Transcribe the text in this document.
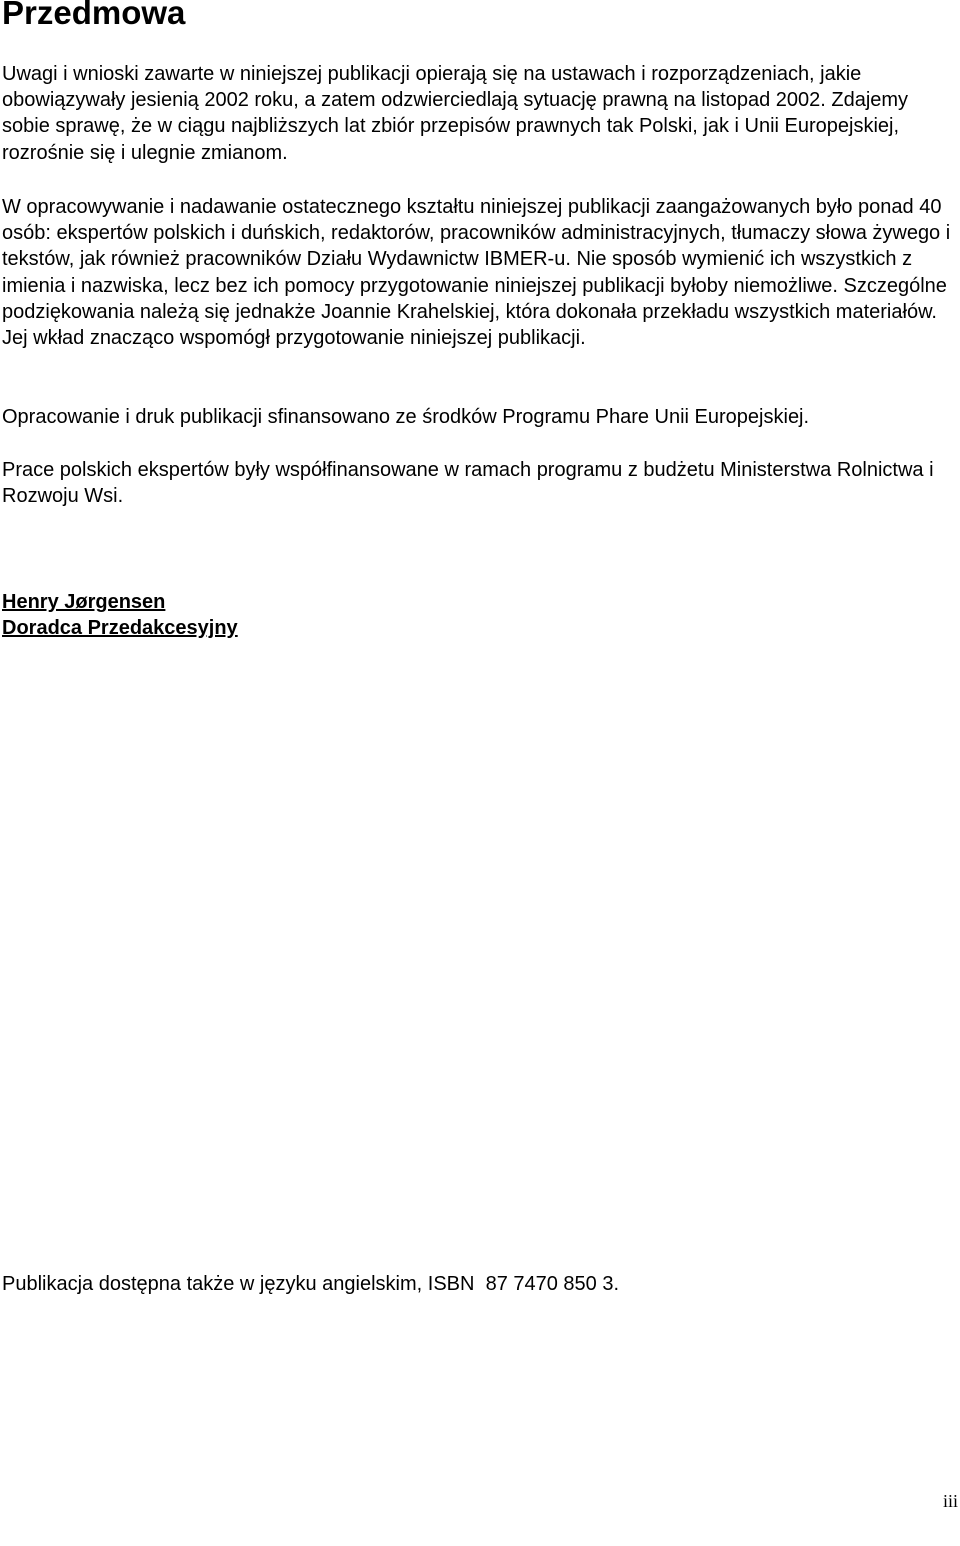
Przedmowa

Uwagi i wnioski zawarte w niniejszej publikacji opierają się na ustawach i rozporządzeniach, jakie obowiązywały jesienią 2002 roku, a zatem odzwierciedlają sytuację prawną na listopad 2002. Zdajemy sobie sprawę, że w ciągu najbliższych lat zbiór przepisów prawnych tak Polski, jak i Unii Europejskiej, rozrośnie się i ulegnie zmianom.

W opracowywanie i nadawanie ostatecznego kształtu niniejszej publikacji zaangażowanych było ponad 40 osób: ekspertów polskich i duńskich, redaktorów, pracowników administracyjnych, tłumaczy słowa żywego i tekstów, jak również pracowników Działu Wydawnictw IBMER-u. Nie sposób wymienić ich wszystkich z imienia i nazwiska, lecz bez ich pomocy przygotowanie niniejszej publikacji byłoby niemożliwe. Szczególne podziękowania należą się jednakże Joannie Krahelskiej, która dokonała przekładu wszystkich materiałów. Jej wkład znacząco wspomógł przygotowanie niniejszej publikacji.

Opracowanie i druk publikacji sfinansowano ze środków Programu Phare Unii Europejskiej.

Prace polskich ekspertów były współfinansowane w ramach programu z budżetu Ministerstwa Rolnictwa i Rozwoju Wsi.

Henry Jørgensen

Doradca Przedakcesyjny

Publikacja dostępna także w języku angielskim, ISBN  87 7470 850 3.

iii
